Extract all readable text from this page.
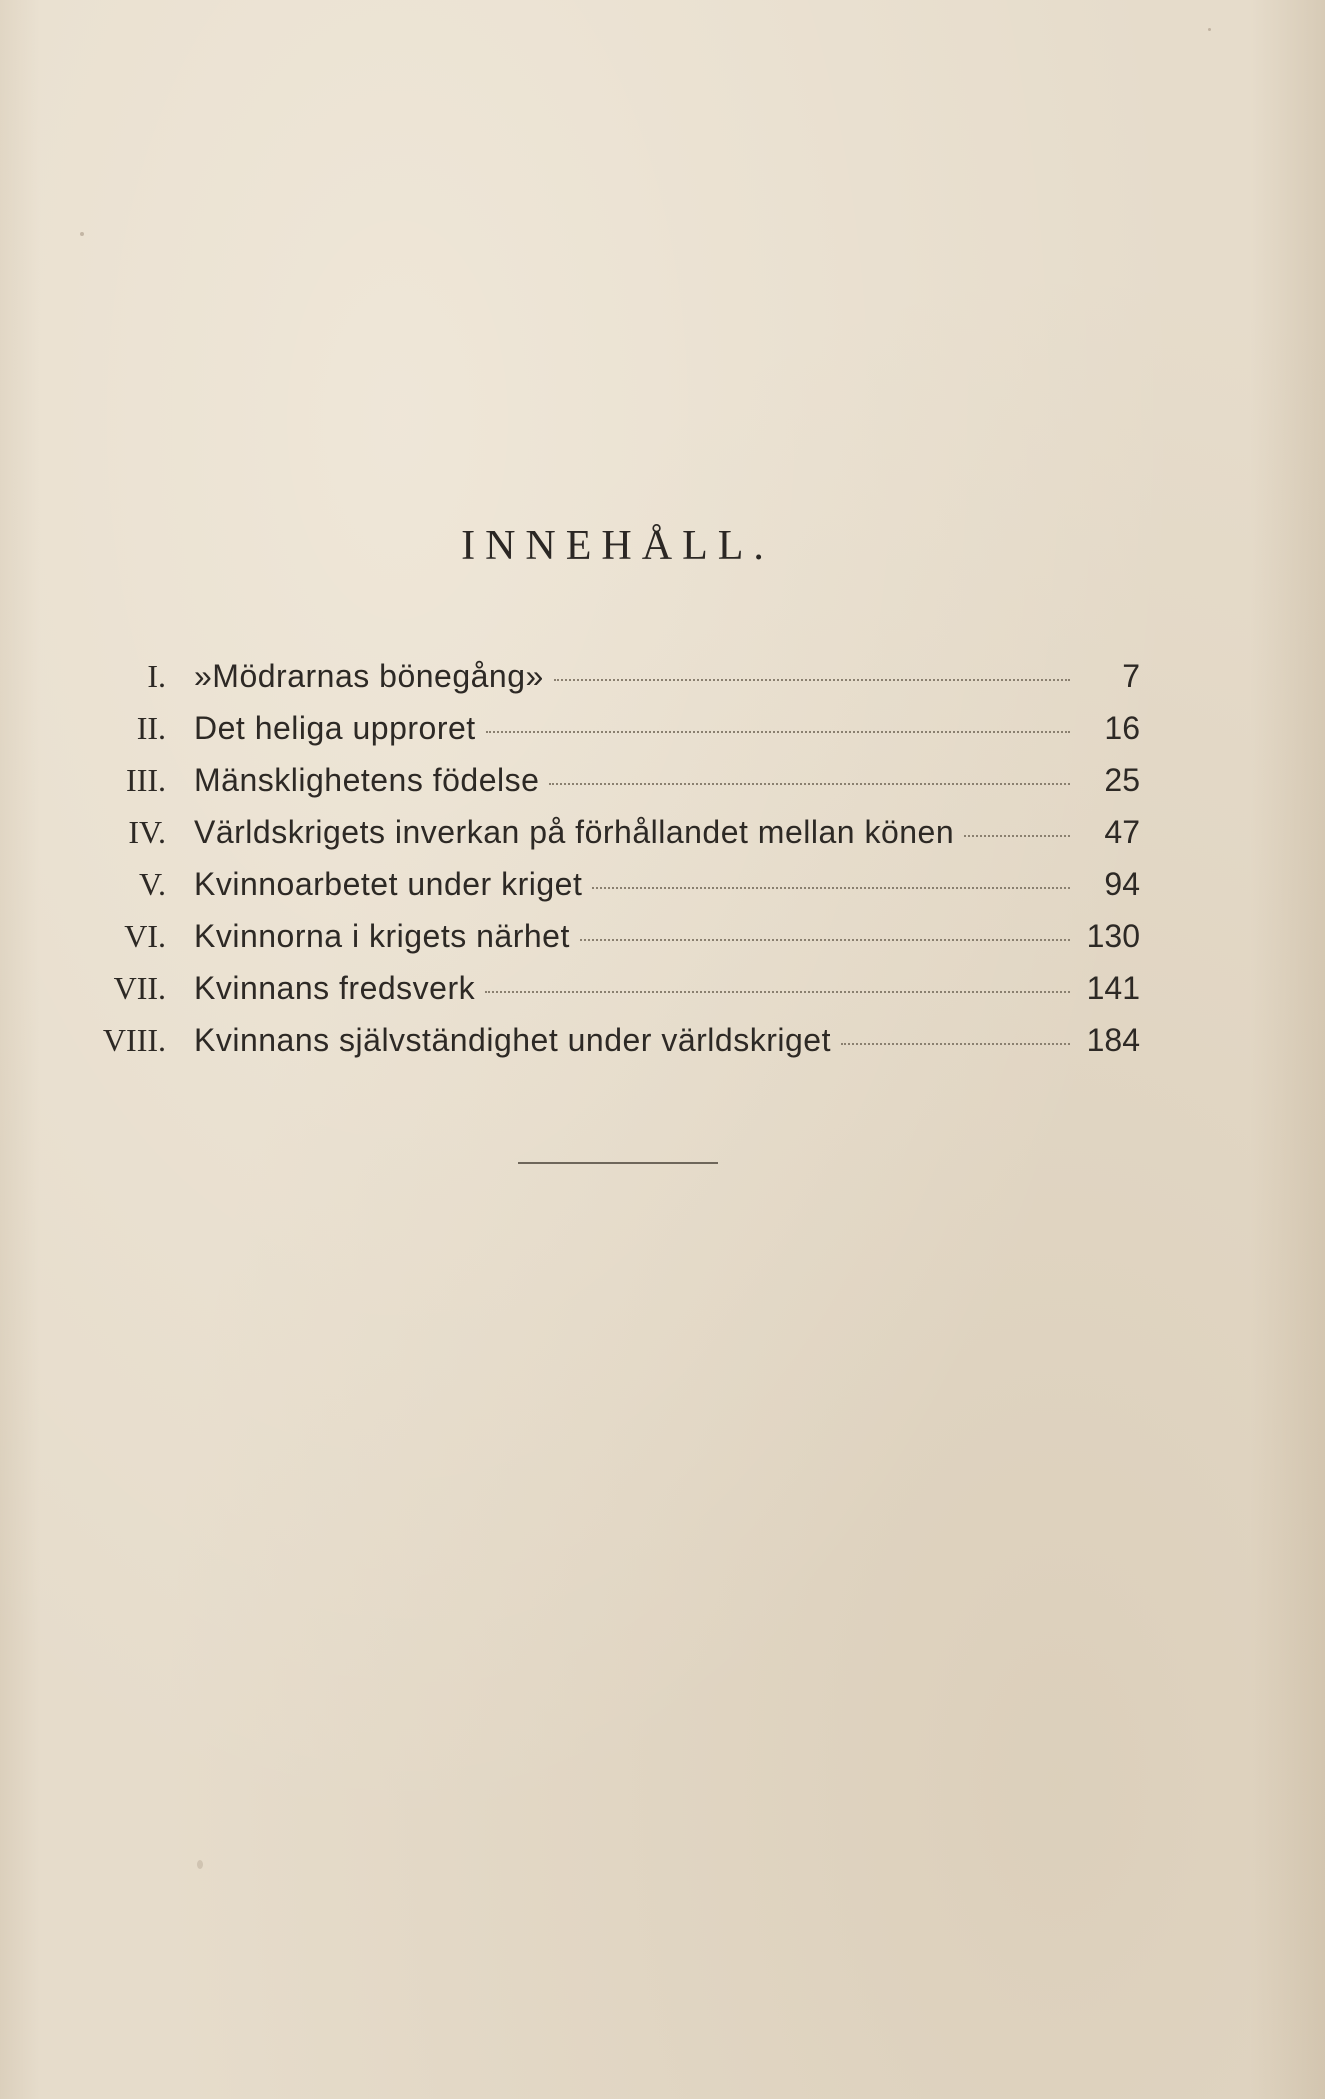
INNEHÅLL.
I. »Mödrarnas bönegång»	7
II. Det heliga upproret	16
III. Mänsklighetens födelse	25
IV. Världskrigets inverkan på förhållandet mellan könen	47
V. Kvinnoarbetet under kriget	94
VI. Kvinnorna i krigets närhet	130
VII. Kvinnans fredsverk	141
VIII. Kvinnans självständighet under världskriget	184
